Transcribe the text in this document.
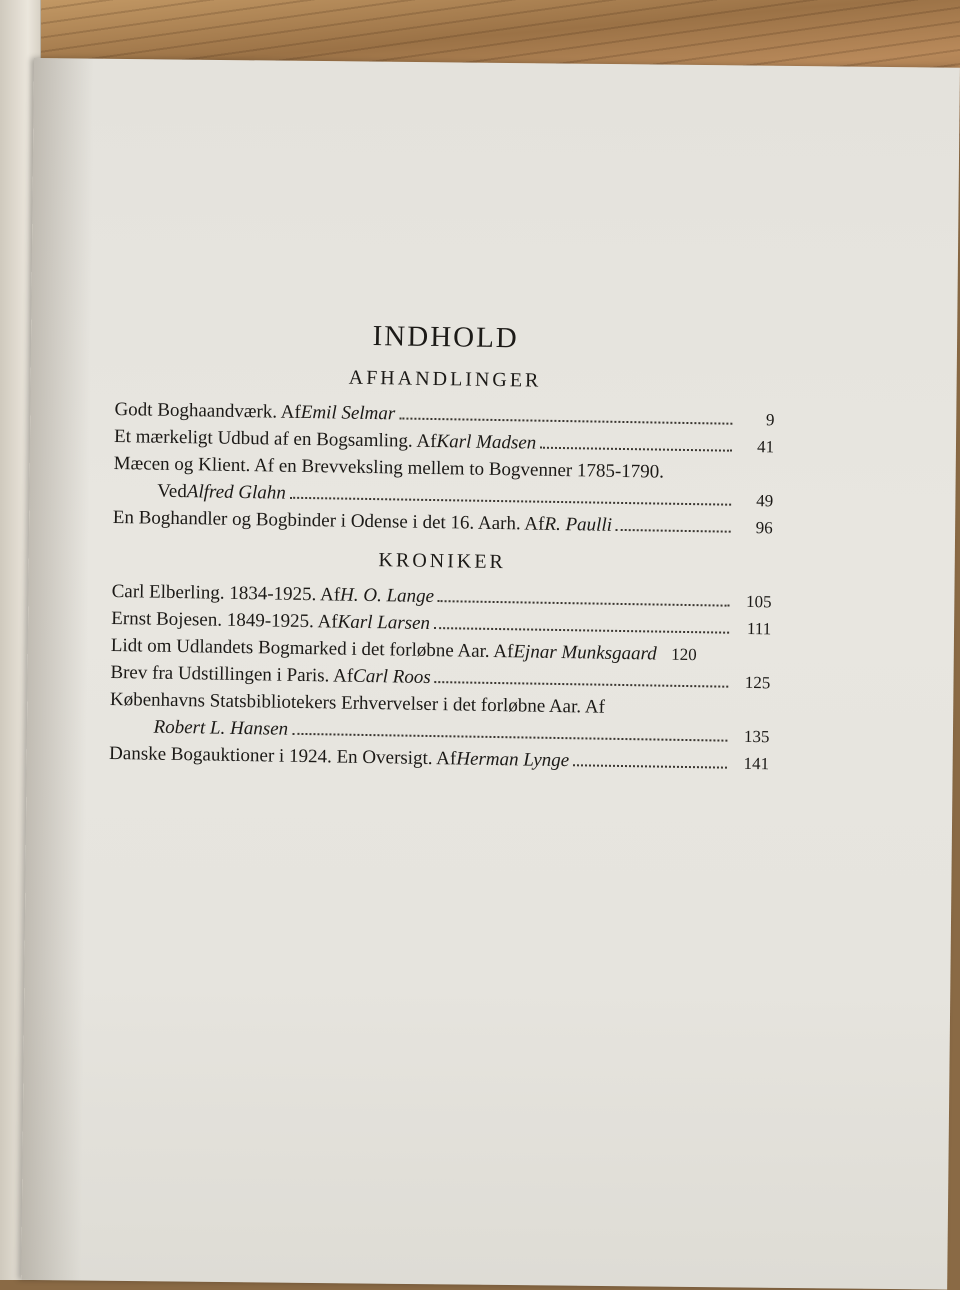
INDHOLD
AFHANDLINGER
Godt Boghaandværk. Af Emil Selmar	9
Et mærkeligt Udbud af en Bogsamling. Af Karl Madsen	41
Mæcen og Klient. Af en Brevveksling mellem to Bogvenner 1785-1790.
Ved Alfred Glahn	49
En Boghandler og Bogbinder i Odense i det 16. Aarh. Af R. Paulli	96
KRONIKER
Carl Elberling. 1834-1925. Af H. O. Lange	105
Ernst Bojesen. 1849-1925. Af Karl Larsen	111
Lidt om Udlandets Bogmarked i det forløbne Aar. Af Ejnar Munksgaard 120
Brev fra Udstillingen i Paris. Af Carl Roos	125
Københavns Statsbibliotekers Erhvervelser i det forløbne Aar. Af
Robert L. Hansen	135
Danske Bogauktioner i 1924. En Oversigt. Af Herman Lynge	141
